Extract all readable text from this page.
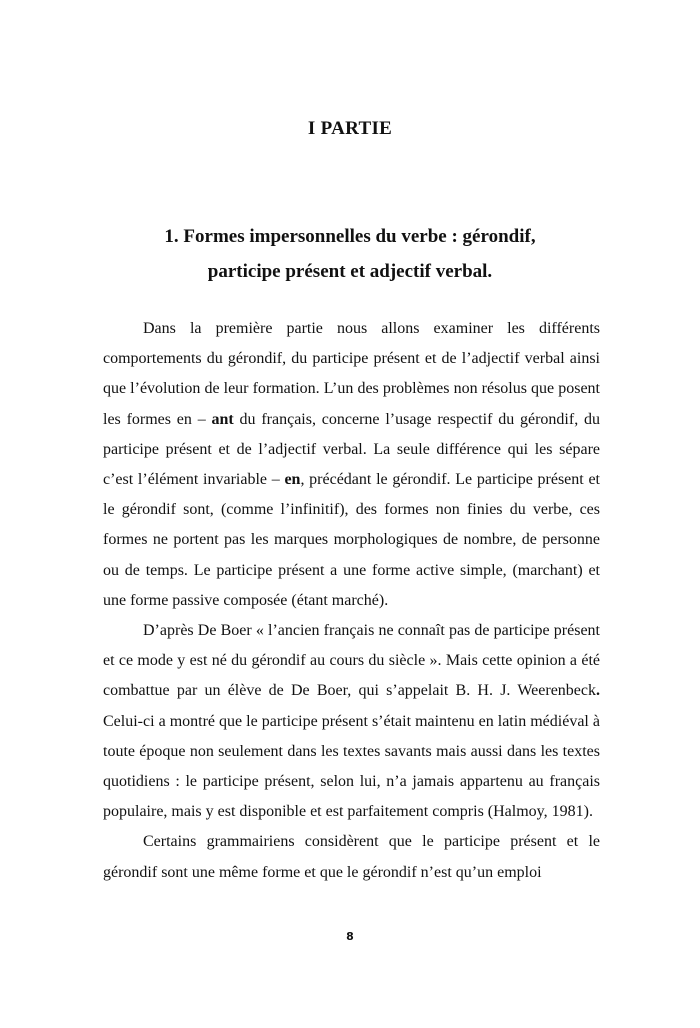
I PARTIE
1. Formes impersonnelles du verbe : gérondif,
participe présent et adjectif verbal.

Dans la première partie nous allons examiner les différents comportements du gérondif, du participe présent et de l’adjectif verbal ainsi que l’évolution de leur formation. L’un des problèmes non résolus que posent les formes en – ant du français, concerne l’usage respectif du gérondif, du participe présent et de l’adjectif verbal. La seule différence qui les sépare c’est l’élément invariable – en, précédant le gérondif. Le participe présent et le gérondif sont, (comme l’infinitif), des formes non finies du verbe, ces formes ne portent pas les marques morphologiques de nombre, de personne ou de temps. Le participe présent a une forme active simple, (marchant) et une forme passive composée (étant marché).

D’après De Boer « l’ancien français ne connaît pas de participe présent et ce mode y est né du gérondif au cours du siècle ». Mais cette opinion a été combattue par un élève de De Boer, qui s’appelait B. H. J. Weerenbeck. Celui-ci a montré que le participe présent s’était maintenu en latin médiéval à toute époque non seulement dans les textes savants mais aussi dans les textes quotidiens : le participe présent, selon lui, n’a jamais appartenu au français populaire, mais y est disponible et est parfaitement compris (Halmoy, 1981).

Certains grammairiens considèrent que le participe présent et le gérondif sont une même forme et que le gérondif n’est qu’un emploi

8
